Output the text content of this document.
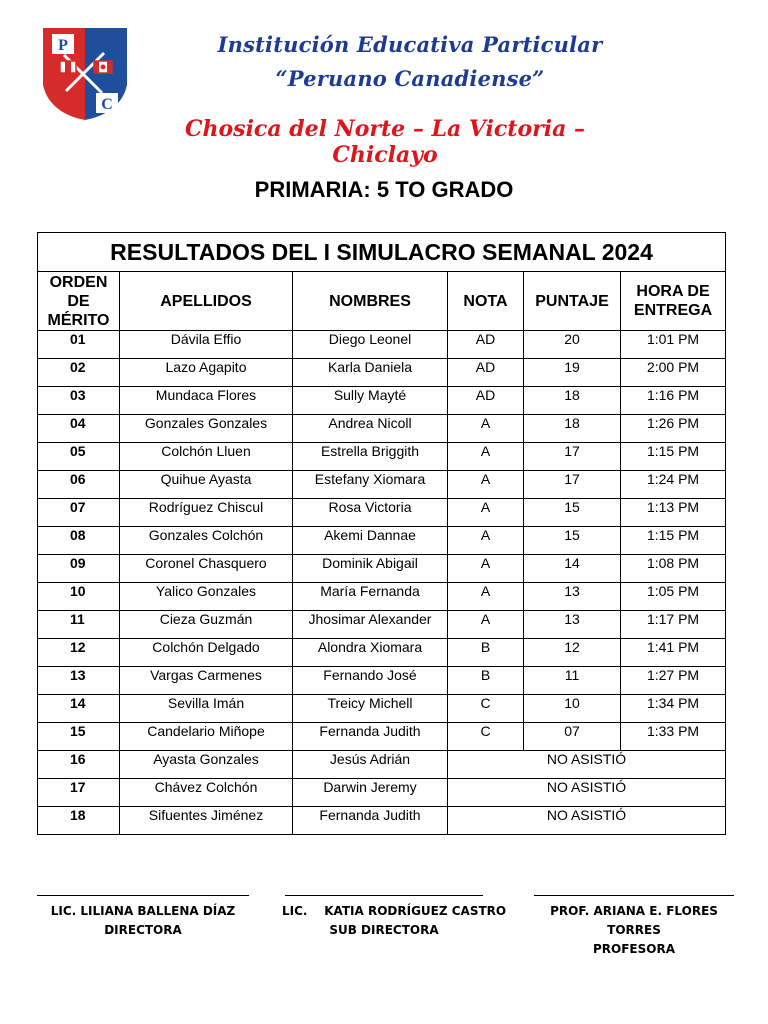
P
C
Institución Educativa Particular
“Peruano Canadiense”
Chosica del Norte – La Victoria – Chiclayo
PRIMARIA: 5 TO GRADO
RESULTADOS DEL I SIMULACRO SEMANAL 2024					
ORDEN DE MÉRITO	APELLIDOS	NOMBRES	NOTA	PUNTAJE	HORA DE ENTREGA
01	Dávila Effio	Diego Leonel	AD	20	1:01 PM
02	Lazo Agapito	Karla Daniela	AD	19	2:00 PM
03	Mundaca Flores	Sully Mayté	AD	18	1:16 PM
04	Gonzales Gonzales	Andrea Nicoll	A	18	1:26 PM
05	Colchón Lluen	Estrella Briggith	A	17	1:15 PM
06	Quihue Ayasta	Estefany Xiomara	A	17	1:24 PM
07	Rodríguez Chiscul	Rosa Victoria	A	15	1:13 PM
08	Gonzales Colchón	Akemi Dannae	A	15	1:15 PM
09	Coronel Chasquero	Dominik Abigail	A	14	1:08 PM
10	Yalico Gonzales	María Fernanda	A	13	1:05 PM
11	Cieza Guzmán	Jhosimar Alexander	A	13	1:17 PM
12	Colchón Delgado	Alondra Xiomara	B	12	1:41 PM
13	Vargas Carmenes	Fernando José	B	11	1:27 PM
14	Sevilla Imán	Treicy Michell	C	10	1:34 PM
15	Candelario Miñope	Fernanda Judith	C	07	1:33 PM
16	Ayasta Gonzales	Jesús Adrián	NO ASISTIÓ		
17	Chávez Colchón	Darwin Jeremy	NO ASISTIÓ		
18	Sifuentes Jiménez	Fernanda Judith	NO ASISTIÓ		
LIC. LILIANA BALLENA DÍAZ
DIRECTORA
LIC.    KATIA RODRÍGUEZ CASTRO
SUB DIRECTORA
PROF. ARIANA E. FLORES TORRES
PROFESORA
